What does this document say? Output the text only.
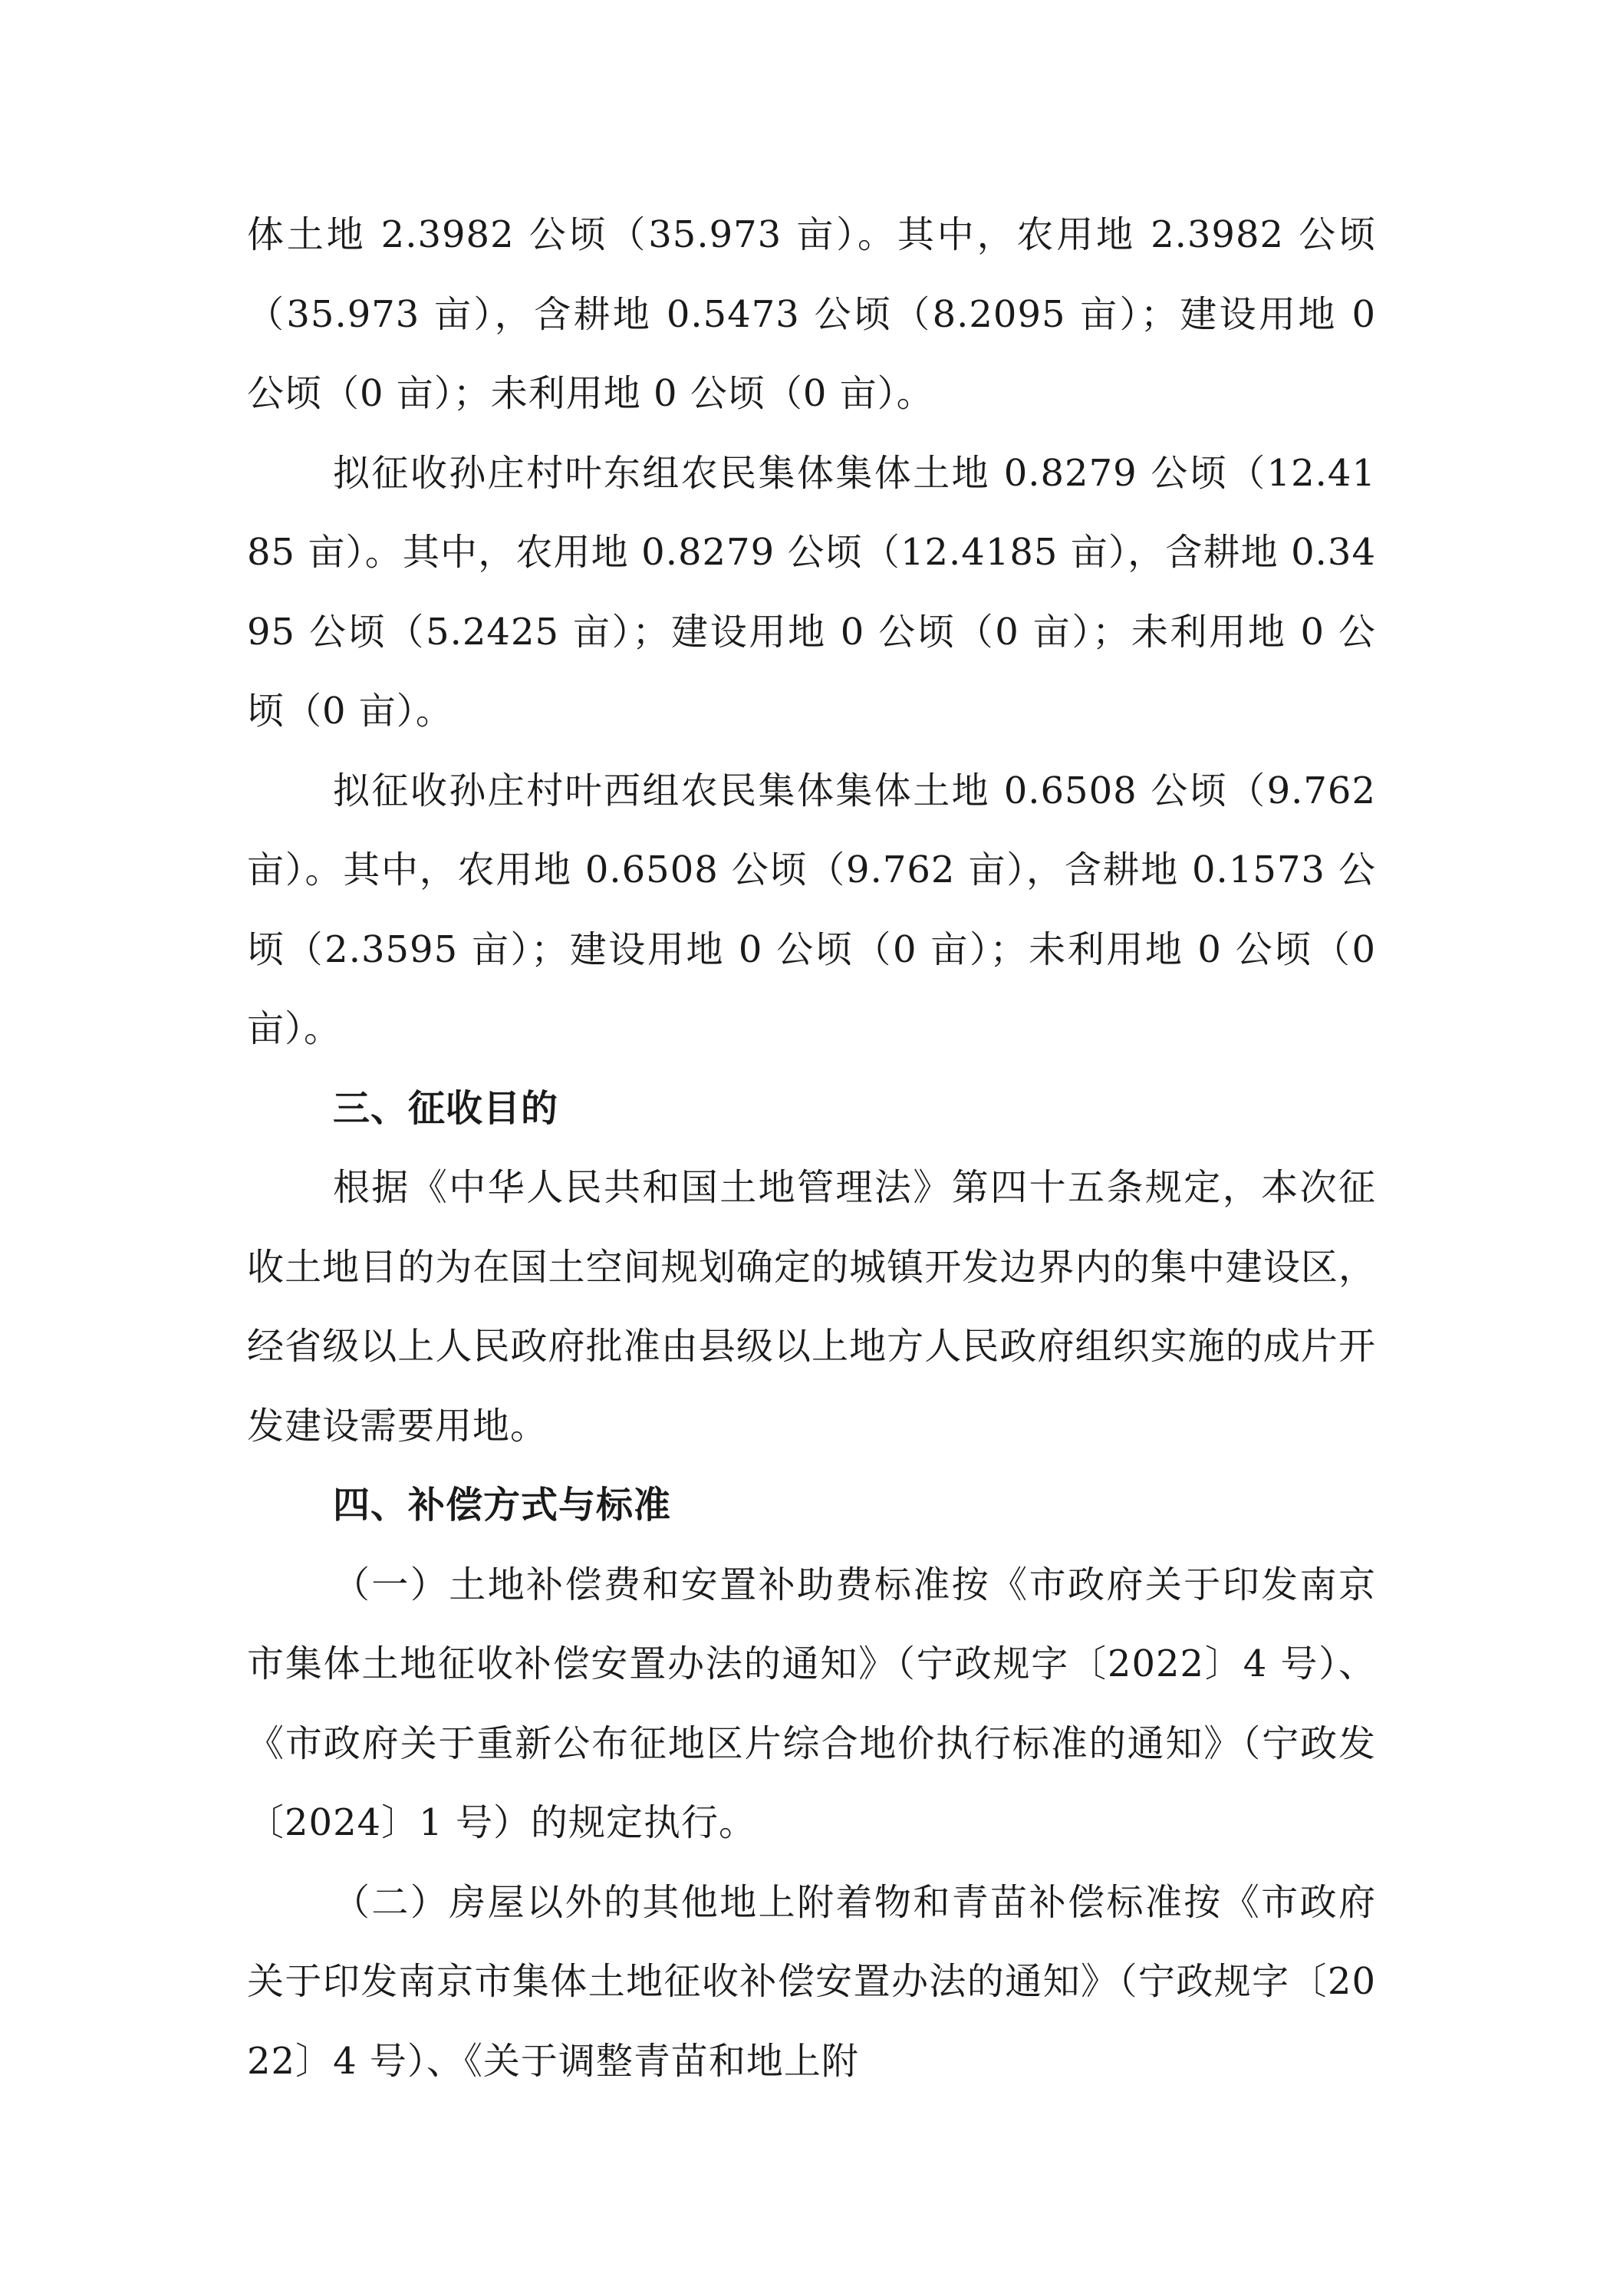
体土地 2.3982 公顷（35.973 亩）。其中，农用地 2.3982 公顷（35.973 亩），含耕地 0.5473 公顷（8.2095 亩）；建设用地 0 公顷（0 亩）；未利用地 0 公顷（0 亩）。

拟征收孙庄村叶东组农民集体集体土地 0.8279 公顷（12.4185 亩）。其中，农用地 0.8279 公顷（12.4185 亩），含耕地 0.3495 公顷（5.2425 亩）；建设用地 0 公顷（0 亩）；未利用地 0 公顷（0 亩）。

拟征收孙庄村叶西组农民集体集体土地 0.6508 公顷（9.762 亩）。其中，农用地 0.6508 公顷（9.762 亩），含耕地 0.1573 公顷（2.3595 亩）；建设用地 0 公顷（0 亩）；未利用地 0 公顷（0 亩）。

三、征收目的

根据《中华人民共和国土地管理法》第四十五条规定，本次征收土地目的为在国土空间规划确定的城镇开发边界内的集中建设区，经省级以上人民政府批准由县级以上地方人民政府组织实施的成片开发建设需要用地。

四、补偿方式与标准

（一）土地补偿费和安置补助费标准按《市政府关于印发南京市集体土地征收补偿安置办法的通知》（宁政规字〔2022〕4 号）、《市政府关于重新公布征地区片综合地价执行标准的通知》（宁政发〔2024〕1 号）的规定执行。

（二）房屋以外的其他地上附着物和青苗补偿标准按《市政府关于印发南京市集体土地征收补偿安置办法的通知》（宁政规字〔2022〕4 号）、《关于调整青苗和地上附
